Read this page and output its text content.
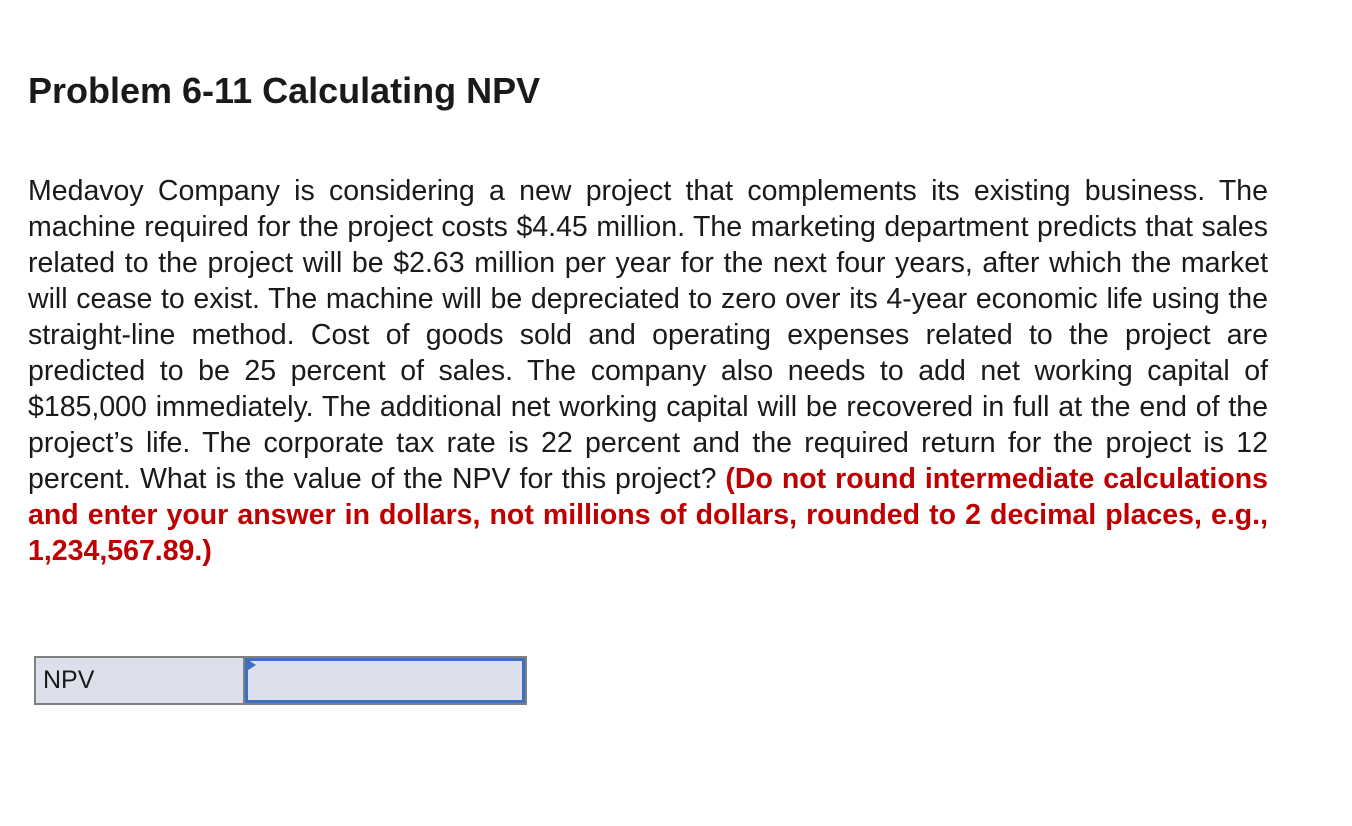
Problem 6-11 Calculating NPV

Medavoy Company is considering a new project that complements its existing business. The machine required for the project costs $4.45 million. The marketing department predicts that sales related to the project will be $2.63 million per year for the next four years, after which the market will cease to exist. The machine will be depreciated to zero over its 4-year economic life using the straight-line method. Cost of goods sold and operating expenses related to the project are predicted to be 25 percent of sales. The company also needs to add net working capital of $185,000 immediately. The additional net working capital will be recovered in full at the end of the project’s life. The corporate tax rate is 22 percent and the required return for the project is 12 percent. What is the value of the NPV for this project? (Do not round intermediate calculations and enter your answer in dollars, not millions of dollars, rounded to 2 decimal places, e.g., 1,234,567.89.)

NPV	
